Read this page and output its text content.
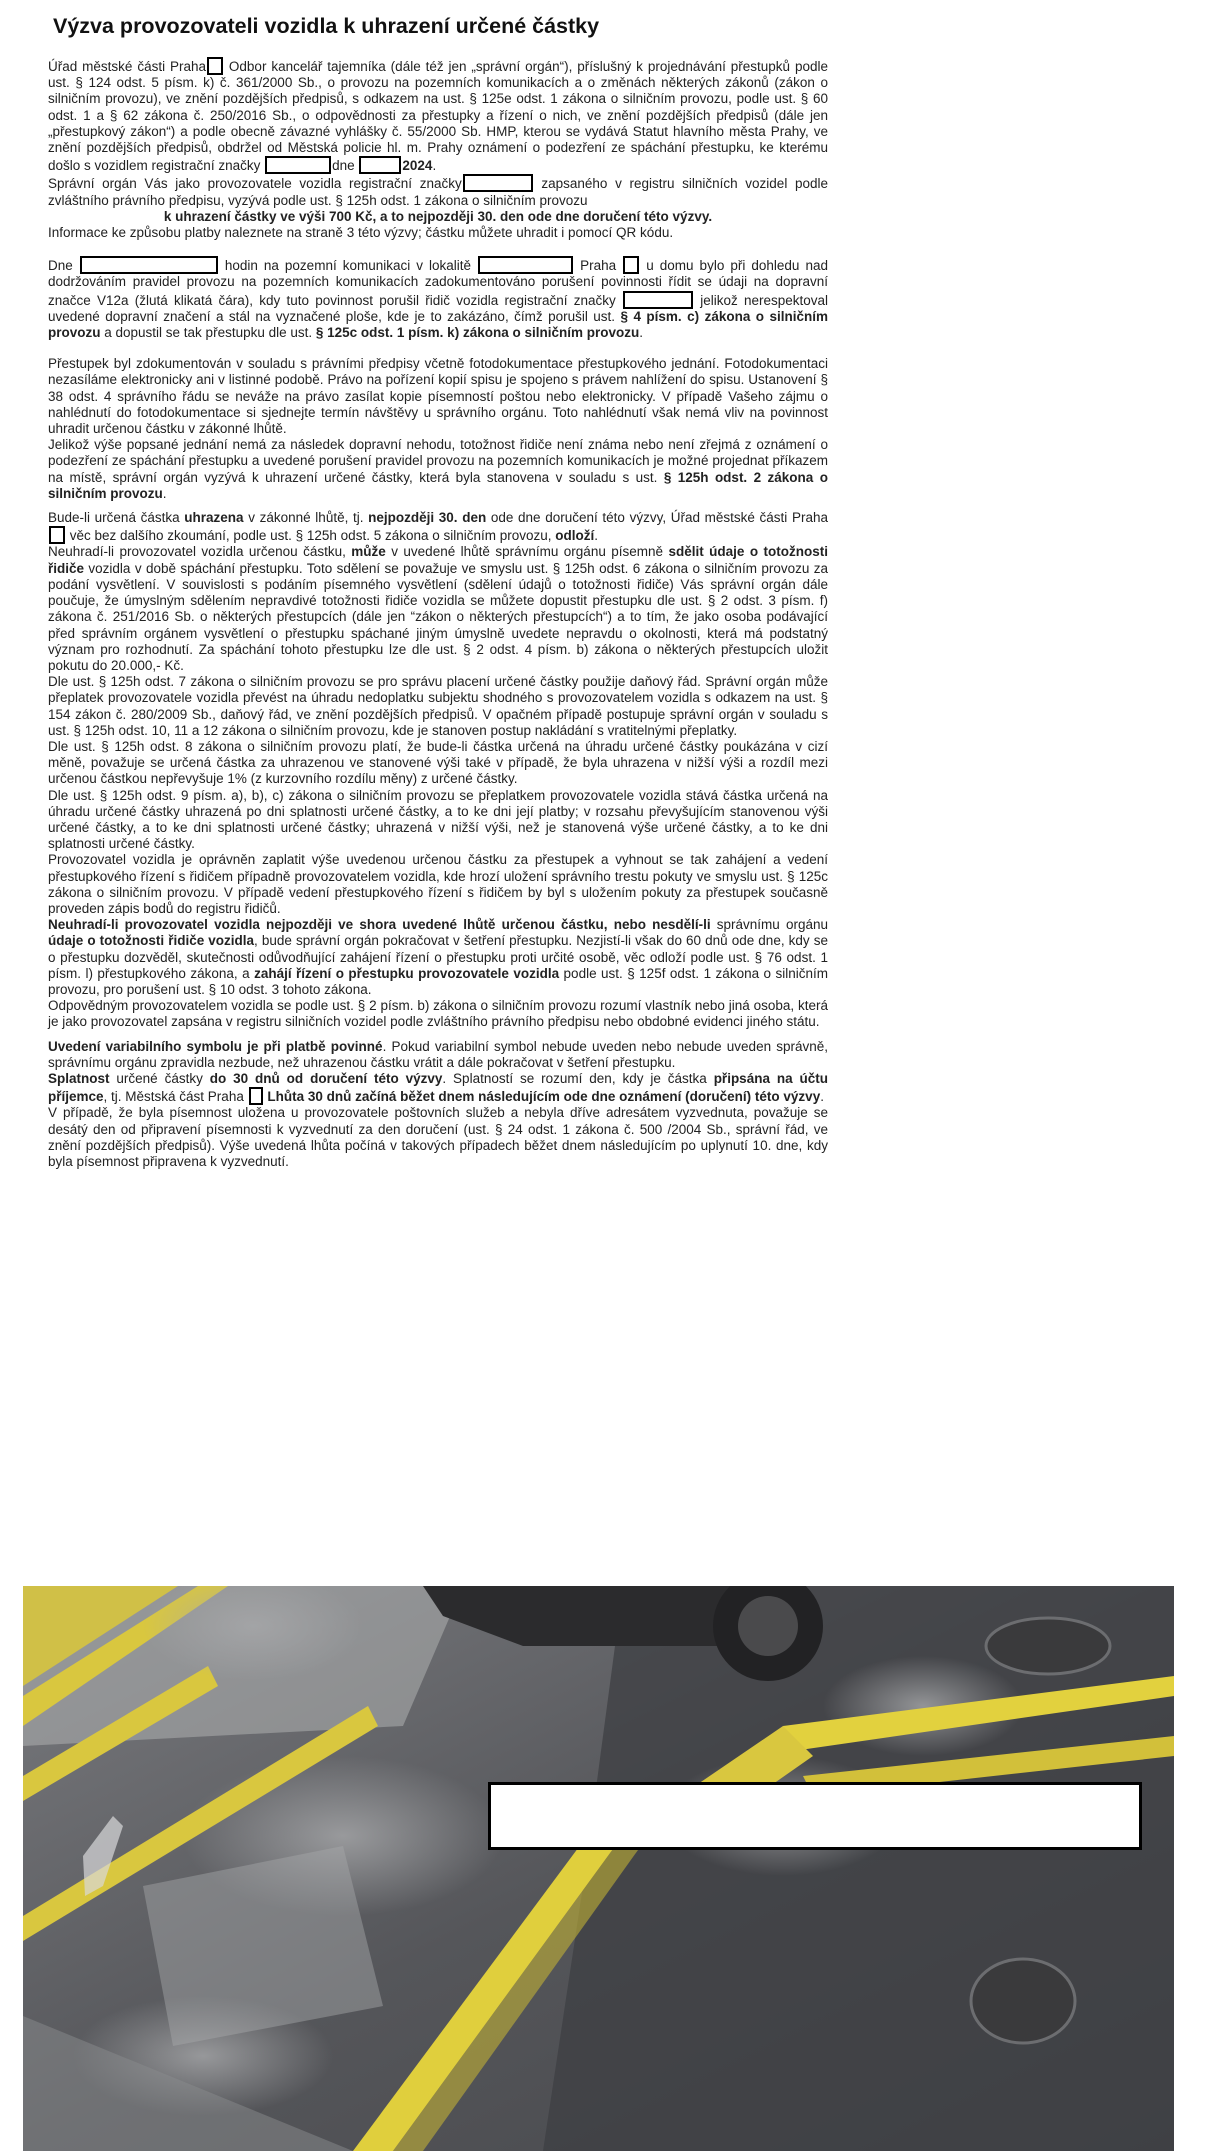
Výzva provozovateli vozidla k uhrazení určené částky

Úřad městské části Praha Odbor kancelář tajemníka (dále též jen „správní orgán“), příslušný k projednávání přestupků podle ust. § 124 odst. 5 písm. k) č. 361/2000 Sb., o provozu na pozemních komunikacích a o změnách některých zákonů (zákon o silničním provozu), ve znění pozdějších předpisů, s odkazem na ust. § 125e odst. 1 zákona o silničním provozu, podle ust. § 60 odst. 1 a § 62 zákona č. 250/2016 Sb., o odpovědnosti za přestupky a řízení o nich, ve znění pozdějších předpisů (dále jen „přestupkový zákon“) a podle obecně závazné vyhlášky č. 55/2000 Sb. HMP, kterou se vydává Statut hlavního města Prahy, ve znění pozdějších předpisů, obdržel od Městská policie hl. m. Prahy oznámení o podezření ze spáchání přestupku, ke kterému došlo s vozidlem registrační značky	dne	2024.

Správní orgán Vás jako provozovatele vozidla registrační značky	zapsaného v registru silničních vozidel podle zvláštního právního předpisu, vyzývá podle ust. § 125h odst. 1 zákona o silničním provozu

k uhrazení částky ve výši 700 Kč, a to nejpozději 30. den ode dne doručení této výzvy.

Informace ke způsobu platby naleznete na straně 3 této výzvy; částku můžete uhradit i pomocí QR kódu.

Dne	hodin na pozemní komunikaci v lokalitě	Praha u domu bylo při dohledu nad dodržováním pravidel provozu na pozemních komunikacích zadokumentováno porušení povinnosti řídit se údaji na dopravní značce V12a (žlutá klikatá čára), kdy tuto povinnost porušil řidič vozidla registrační značky	jelikož nerespektoval uvedené dopravní značení a stál na vyznačené ploše, kde je to zakázáno, čímž porušil ust. § 4 písm. c) zákona o silničním provozu a dopustil se tak přestupku dle ust. § 125c odst. 1 písm. k) zákona o silničním provozu.

Přestupek byl zdokumentován v souladu s právními předpisy včetně fotodokumentace přestupkového jednání. Fotodokumentaci nezasíláme elektronicky ani v listinné podobě. Právo na pořízení kopií spisu je spojeno s právem nahlížení do spisu. Ustanovení § 38 odst. 4 správního řádu se neváže na právo zasílat kopie písemností poštou nebo elektronicky. V případě Vašeho zájmu o nahlédnutí do fotodokumentace si sjednejte termín návštěvy u správního orgánu. Toto nahlédnutí však nemá vliv na povinnost uhradit určenou částku v zákonné lhůtě.

Jelikož výše popsané jednání nemá za následek dopravní nehodu, totožnost řidiče není známa nebo není zřejmá z oznámení o podezření ze spáchání přestupku a uvedené porušení pravidel provozu na pozemních komunikacích je možné projednat příkazem na místě, správní orgán vyzývá k uhrazení určené částky, která byla stanovena v souladu s ust. § 125h odst. 2 zákona o silničním provozu.

Bude-li určená částka uhrazena v zákonné lhůtě, tj. nejpozději 30. den ode dne doručení této výzvy, Úřad městské části Praha věc bez dalšího zkoumání, podle ust. § 125h odst. 5 zákona o silničním provozu, odloží.

Neuhradí-li provozovatel vozidla určenou částku, může v uvedené lhůtě správnímu orgánu písemně sdělit údaje o totožnosti řidiče vozidla v době spáchání přestupku. Toto sdělení se považuje ve smyslu ust. § 125h odst. 6 zákona o silničním provozu za podání vysvětlení. V souvislosti s podáním písemného vysvětlení (sdělení údajů o totožnosti řidiče) Vás správní orgán dále poučuje, že úmyslným sdělením nepravdivé totožnosti řidiče vozidla se můžete dopustit přestupku dle ust. § 2 odst. 3 písm. f) zákona č. 251/2016 Sb. o některých přestupcích (dále jen “zákon o některých přestupcích“) a to tím, že jako osoba podávající před správním orgánem vysvětlení o přestupku spáchané jiným úmyslně uvedete nepravdu o okolnosti, která má podstatný význam pro rozhodnutí. Za spáchání tohoto přestupku lze dle ust. § 2 odst. 4 písm. b) zákona o některých přestupcích uložit pokutu do 20.000,- Kč.

Dle ust. § 125h odst. 7 zákona o silničním provozu se pro správu placení určené částky použije daňový řád. Správní orgán může přeplatek provozovatele vozidla převést na úhradu nedoplatku subjektu shodného s provozovatelem vozidla s odkazem na ust. § 154 zákon č. 280/2009 Sb., daňový řád, ve znění pozdějších předpisů. V opačném případě postupuje správní orgán v souladu s ust. § 125h odst. 10, 11 a 12 zákona o silničním provozu, kde je stanoven postup nakládání s vratitelnými přeplatky.

Dle ust. § 125h odst. 8 zákona o silničním provozu platí, že bude-li částka určená na úhradu určené částky poukázána v cizí měně, považuje se určená částka za uhrazenou ve stanovené výši také v případě, že byla uhrazena v nižší výši a rozdíl mezi určenou částkou nepřevyšuje 1% (z kurzovního rozdílu měny) z určené částky.

Dle ust. § 125h odst. 9 písm. a), b), c) zákona o silničním provozu se přeplatkem provozovatele vozidla stává částka určená na úhradu určené částky uhrazená po dni splatnosti určené částky, a to ke dni její platby; v rozsahu převyšujícím stanovenou výši určené částky, a to ke dni splatnosti určené částky; uhrazená v nižší výši, než je stanovená výše určené částky, a to ke dni splatnosti určené částky.

Provozovatel vozidla je oprávněn zaplatit výše uvedenou určenou částku za přestupek a vyhnout se tak zahájení a vedení přestupkového řízení s řidičem případně provozovatelem vozidla, kde hrozí uložení správního trestu pokuty ve smyslu ust. § 125c zákona o silničním provozu. V případě vedení přestupkového řízení s řidičem by byl s uložením pokuty za přestupek současně proveden zápis bodů do registru řidičů.

Neuhradí-li provozovatel vozidla nejpozději ve shora uvedené lhůtě určenou částku, nebo nesdělí-li správnímu orgánu údaje o totožnosti řidiče vozidla, bude správní orgán pokračovat v šetření přestupku. Nezjistí-li však do 60 dnů ode dne, kdy se o přestupku dozvěděl, skutečnosti odůvodňující zahájení řízení o přestupku proti určité osobě, věc odloží podle ust. § 76 odst. 1 písm. l) přestupkového zákona, a zahájí řízení o přestupku provozovatele vozidla podle ust. § 125f odst. 1 zákona o silničním provozu, pro porušení ust. § 10 odst. 3 tohoto zákona.

Odpovědným provozovatelem vozidla se podle ust. § 2 písm. b) zákona o silničním provozu rozumí vlastník nebo jiná osoba, která je jako provozovatel zapsána v registru silničních vozidel podle zvláštního právního předpisu nebo obdobné evidenci jiného státu.

Uvedení variabilního symbolu je při platbě povinné. Pokud variabilní symbol nebude uveden nebo nebude uveden správně, správnímu orgánu zpravidla nezbude, než uhrazenou částku vrátit a dále pokračovat v šetření přestupku.

Splatnost určené částky do 30 dnů od doručení této výzvy. Splatností se rozumí den, kdy je částka připsána na účtu příjemce, tj. Městská část Praha  Lhůta 30 dnů začíná běžet dnem následujícím ode dne oznámení (doručení) této výzvy.

V případě, že byla písemnost uložena u provozovatele poštovních služeb a nebyla dříve adresátem vyzvednuta, považuje se desátý den od připravení písemnosti k vyzvednutí za den doručení (ust. § 24 odst. 1 zákona č. 500 /2004 Sb., správní řád, ve znění pozdějších předpisů). Výše uvedená lhůta počíná v takových případech běžet dnem následujícím po uplynutí 10. dne, kdy byla písemnost připravena k vyzvednutí.
